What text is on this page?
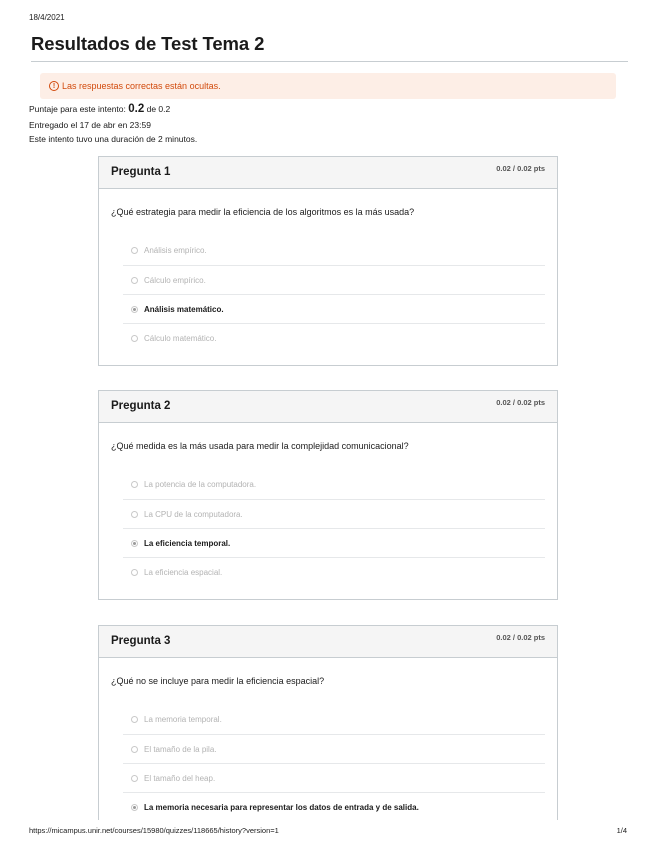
18/4/2021
Resultados de Test Tema 2
! Las respuestas correctas están ocultas.
Puntaje para este intento: 0.2 de 0.2
Entregado el 17 de abr en 23:59
Este intento tuvo una duración de 2 minutos.
Pregunta 1	0.02 / 0.02 pts
¿Qué estrategia para medir la eficiencia de los algoritmos es la más usada?
Análisis empírico.
Cálculo empírico.
Análisis matemático.
Cálculo matemático.
Pregunta 2	0.02 / 0.02 pts
¿Qué medida es la más usada para medir la complejidad comunicacional?
La potencia de la computadora.
La CPU de la computadora.
La eficiencia temporal.
La eficiencia espacial.
Pregunta 3	0.02 / 0.02 pts
¿Qué no se incluye para medir la eficiencia espacial?
La memoria temporal.
El tamaño de la pila.
El tamaño del heap.
La memoria necesaria para representar los datos de entrada y de salida.
https://micampus.unir.net/courses/15980/quizzes/118665/history?version=1	1/4
